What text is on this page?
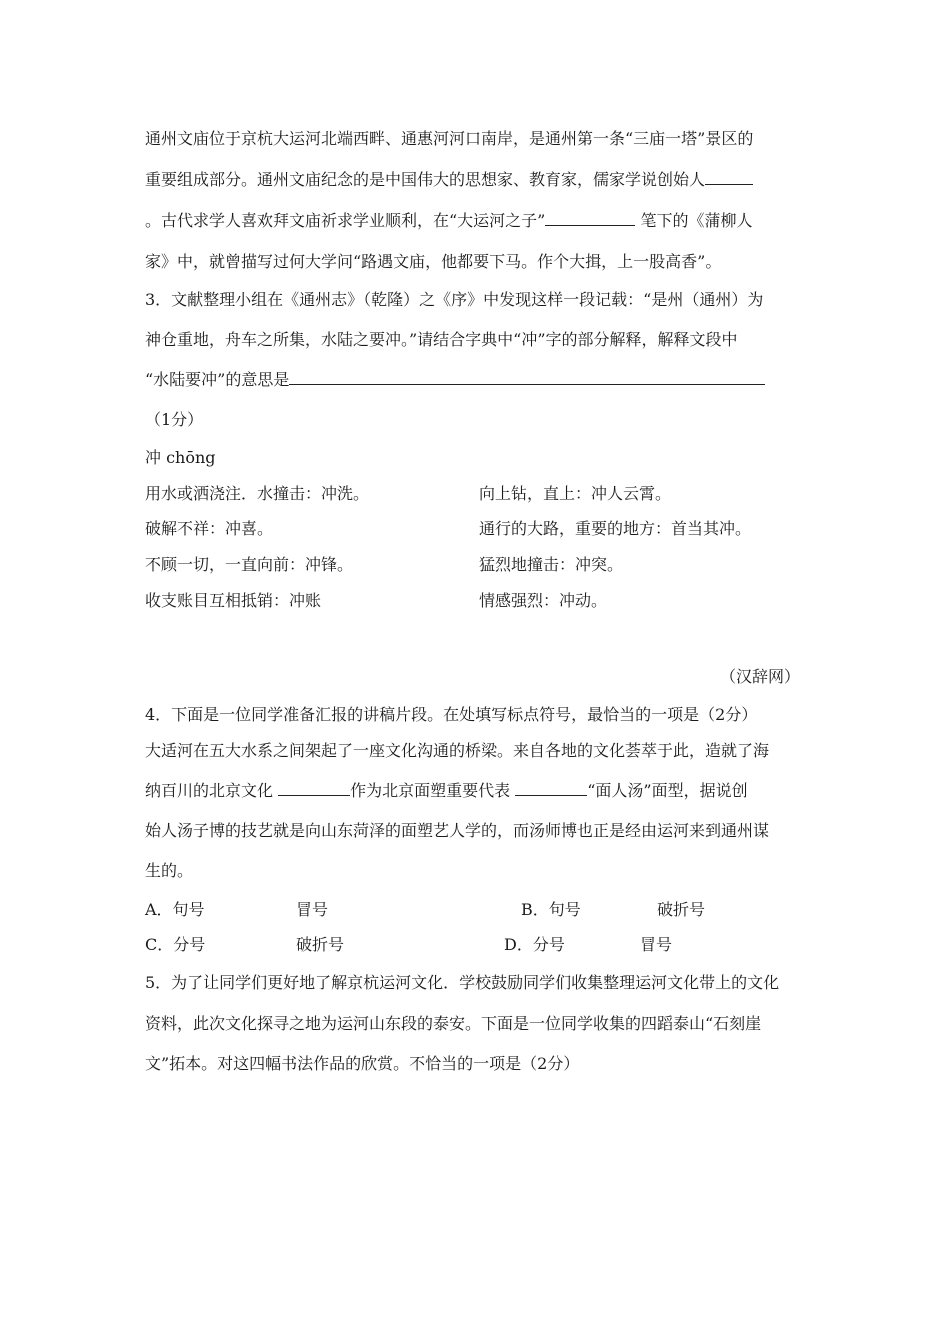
通州文庙位于京杭大运河北端西畔、通惠河河口南岸，是通州第一条“三庙一塔”景区的
重要组成部分。通州文庙纪念的是中国伟大的思想家、教育家，儒家学说创始人
。古代求学人喜欢拜文庙祈求学业顺利，在“大运河之子”	笔下的《蒲柳人
家》中，就曾描写过何大学问“路遇文庙，他都要下马。作个大揖，上一股高香”。
3．文献整理小组在《通州志》（乾隆）之《序》中发现这样一段记载：“是州（通州）为
神仓重地，舟车之所集，水陆之要冲。”请结合字典中“冲”字的部分解释，解释文段中
“水陆要冲”的意思是
（1分）
冲 chōng
用水或洒浇注．水撞击：冲洗。	向上钻，直上：冲人云霄。
破解不祥：冲喜。	通行的大路，重要的地方：首当其冲。
不顾一切，一直向前：冲锋。	猛烈地撞击：冲突。
收支账目互相抵销：冲账	情感强烈：冲动。
（汉辞网）
4．下面是一位同学准备汇报的讲稿片段。在处填写标点符号，最恰当的一项是（2分）
大适河在五大水系之间架起了一座文化沟通的桥梁。来自各地的文化荟萃于此，造就了海
纳百川的北京文化	作为北京面塑重要代表	“面人汤”面型，据说创
始人汤子博的技艺就是向山东菏泽的面塑艺人学的，而汤师博也正是经由运河来到通州谋
生的。
A．句号	冒号	B．句号	破折号
C．分号	破折号	D．分号	冒号
5．为了让同学们更好地了解京杭运河文化．学校鼓励同学们收集整理运河文化带上的文化
资料，此次文化探寻之地为运河山东段的泰安。下面是一位同学收集的四蹈泰山“石刻崖
文”拓本。对这四幅书法作品的欣赏。不恰当的一项是（2分）
